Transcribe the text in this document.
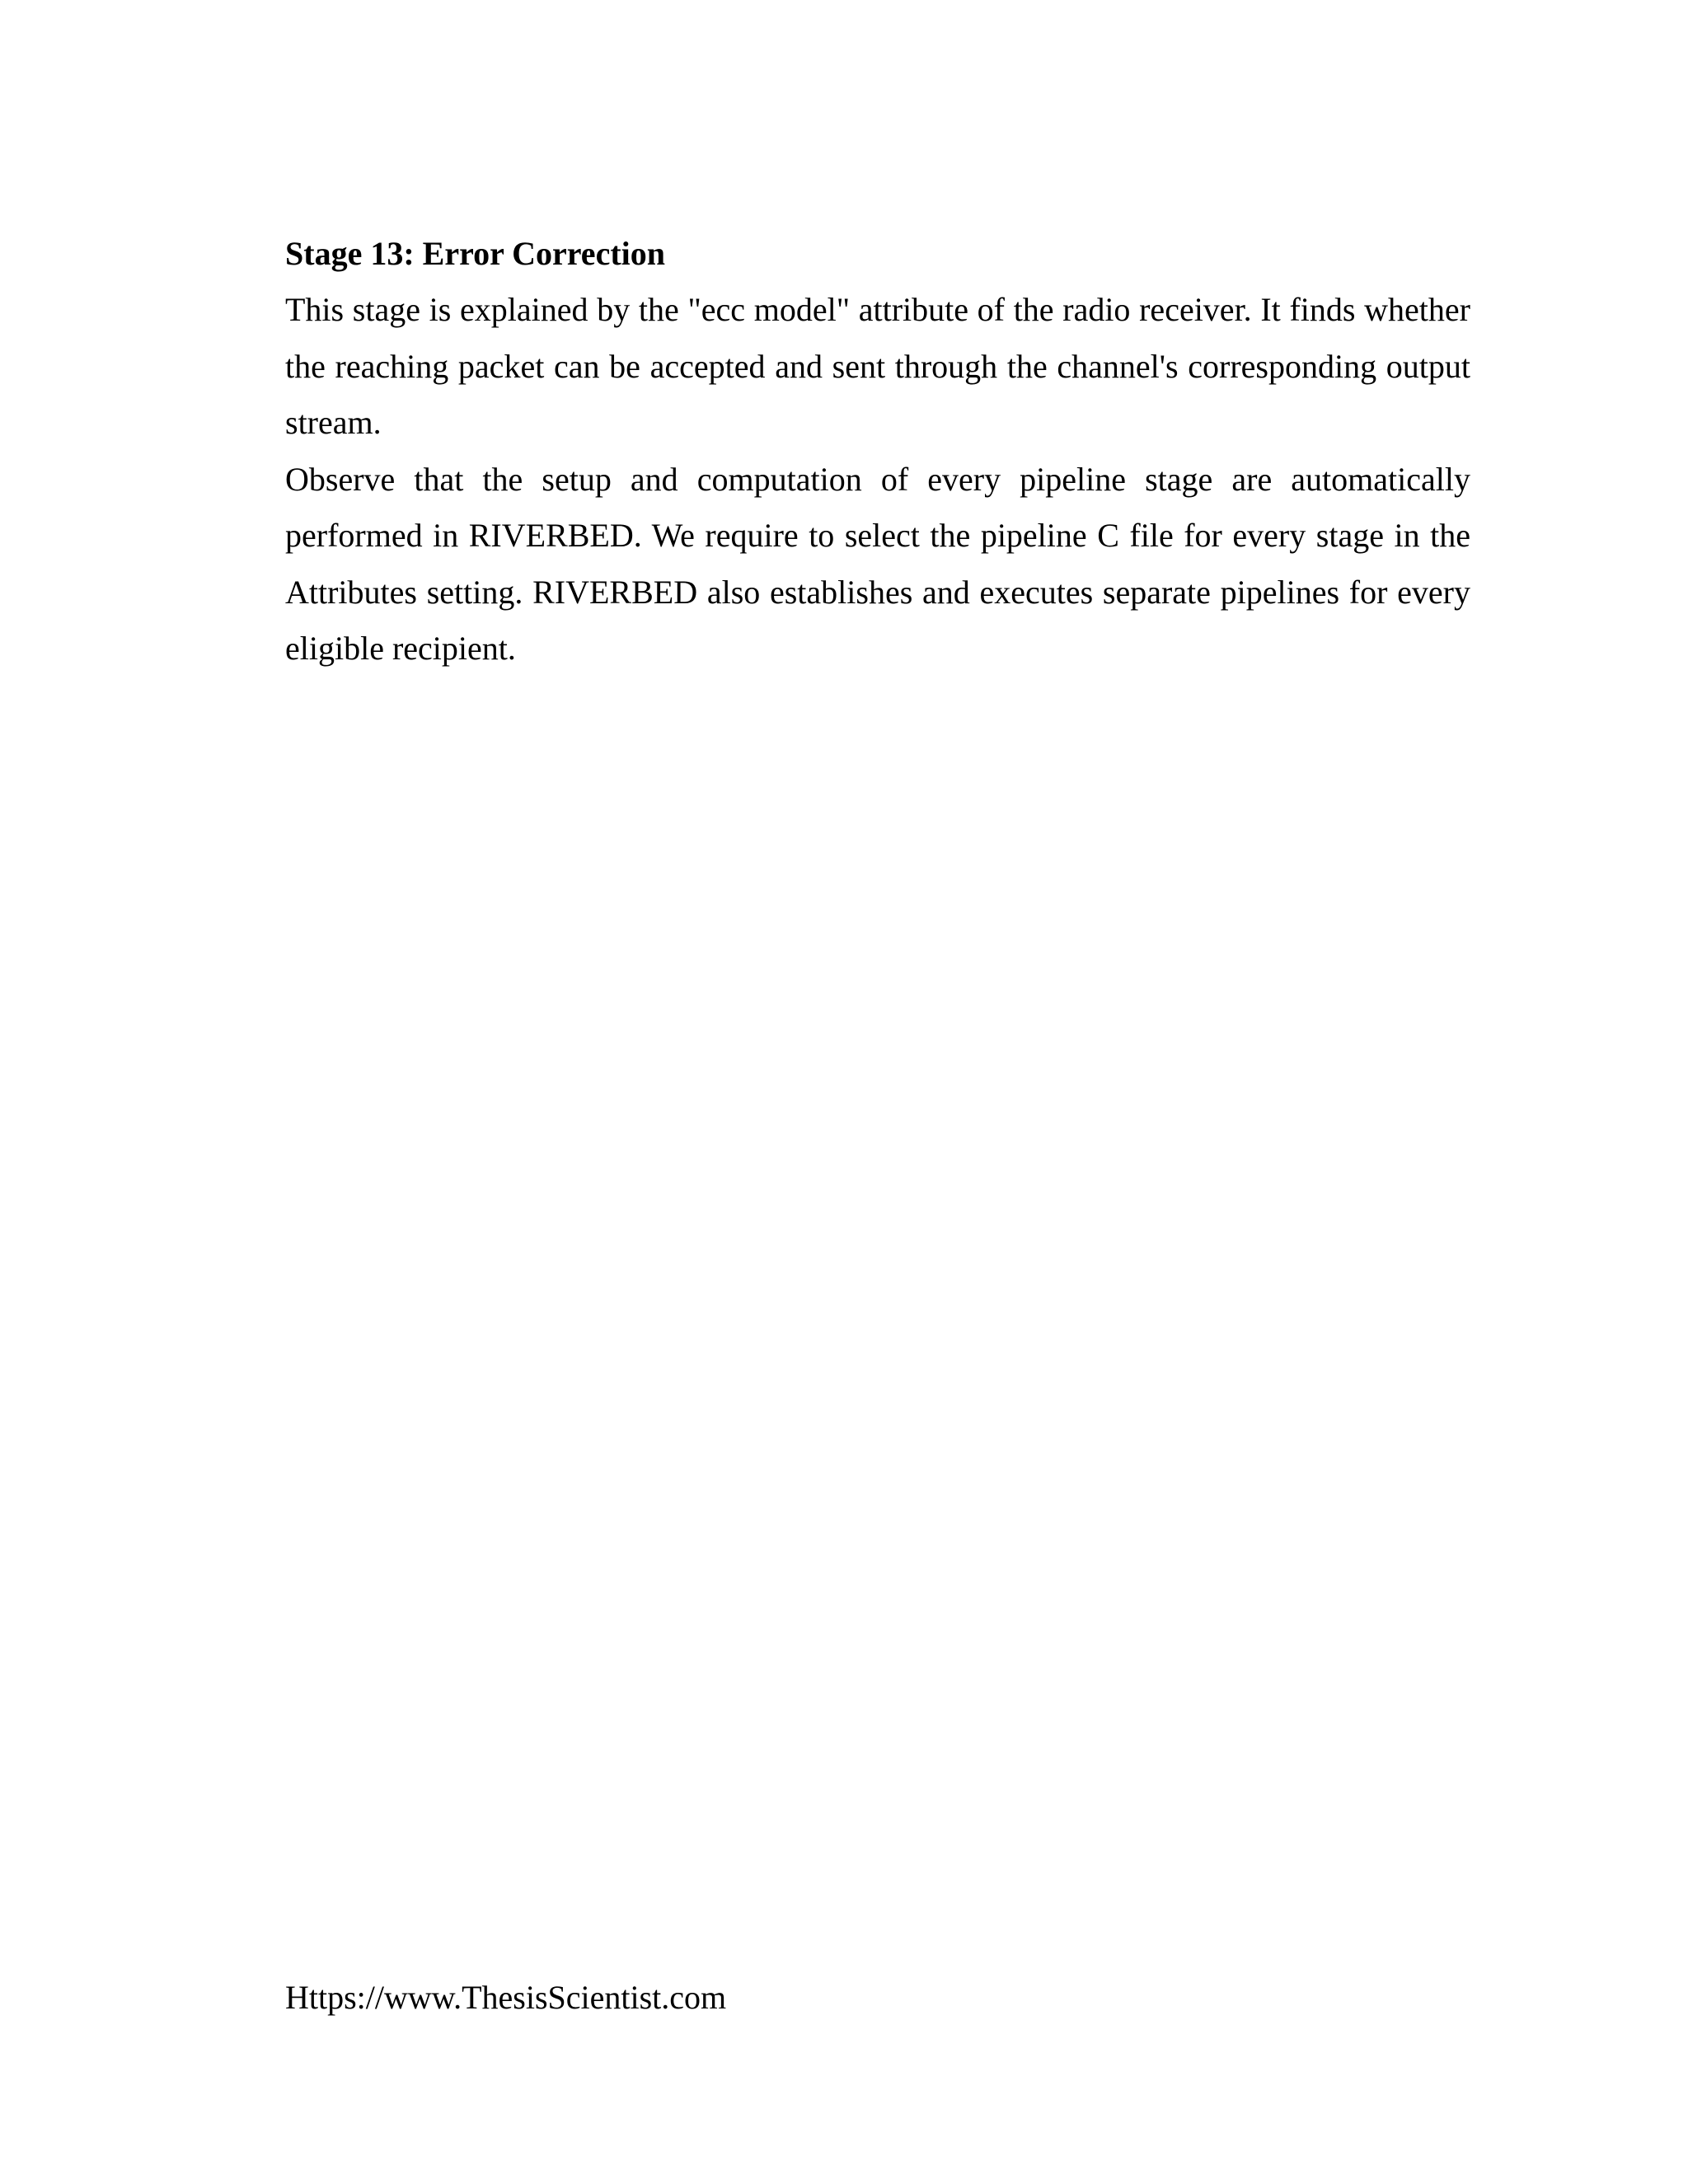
Stage 13: Error Correction

This stage is explained by the "ecc model" attribute of the radio receiver. It finds whether the reaching packet can be accepted and sent through the channel's corresponding output stream.

Observe that the setup and computation of every pipeline stage are automatically performed in RIVERBED. We require to select the pipeline C file for every stage in the Attributes setting. RIVERBED also establishes and executes separate pipelines for every eligible recipient.

Https://www.ThesisScientist.com
